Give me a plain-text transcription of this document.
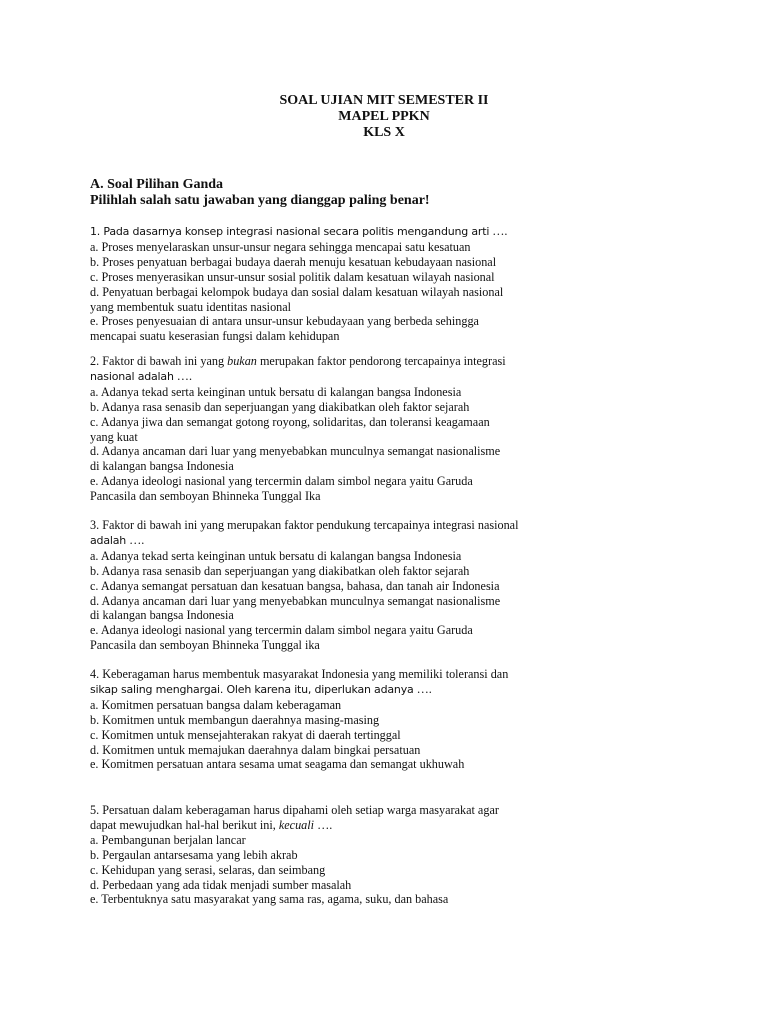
SOAL UJIAN MIT SEMESTER II
MAPEL PPKN
KLS X
A. Soal Pilihan Ganda
Pilihlah salah satu jawaban yang dianggap paling benar!

1. Pada dasarnya konsep integrasi nasional secara politis mengandung arti ….

a. Proses menyelaraskan unsur-unsur negara sehingga mencapai satu kesatuan

b. Proses penyatuan berbagai budaya daerah menuju kesatuan kebudayaan nasional

c. Proses menyerasikan unsur-unsur sosial politik dalam kesatuan wilayah nasional

d. Penyatuan berbagai kelompok budaya dan sosial dalam kesatuan wilayah nasional

yang membentuk suatu identitas nasional

e. Proses penyesuaian di antara unsur-unsur kebudayaan yang berbeda sehingga

mencapai suatu keserasian fungsi dalam kehidupan

2. Faktor di bawah ini yang bukan merupakan faktor pendorong tercapainya integrasi

nasional adalah ….

a. Adanya tekad serta keinginan untuk bersatu di kalangan bangsa Indonesia

b. Adanya rasa senasib dan seperjuangan yang diakibatkan oleh faktor sejarah

c. Adanya jiwa dan semangat gotong royong, solidaritas, dan toleransi keagamaan

yang kuat

d. Adanya ancaman dari luar yang menyebabkan munculnya semangat nasionalisme

di kalangan bangsa Indonesia

e. Adanya ideologi nasional yang tercermin dalam simbol negara yaitu Garuda

Pancasila dan semboyan Bhinneka Tunggal Ika

3. Faktor di bawah ini yang merupakan faktor pendukung tercapainya integrasi nasional

adalah ….

a. Adanya tekad serta keinginan untuk bersatu di kalangan bangsa Indonesia

b. Adanya rasa senasib dan seperjuangan yang diakibatkan oleh faktor sejarah

c. Adanya semangat persatuan dan kesatuan bangsa, bahasa, dan tanah air Indonesia

d. Adanya ancaman dari luar yang menyebabkan munculnya semangat nasionalisme

di kalangan bangsa Indonesia

e. Adanya ideologi nasional yang tercermin dalam simbol negara yaitu Garuda

Pancasila dan semboyan Bhinneka Tunggal ika

4. Keberagaman harus membentuk masyarakat Indonesia yang memiliki toleransi dan

sikap saling menghargai. Oleh karena itu, diperlukan adanya ….

a. Komitmen persatuan bangsa dalam keberagaman

b. Komitmen untuk membangun daerahnya masing-masing

c. Komitmen untuk mensejahterakan rakyat di daerah tertinggal

d. Komitmen untuk memajukan daerahnya dalam bingkai persatuan

e. Komitmen persatuan antara sesama umat seagama dan semangat ukhuwah

5. Persatuan dalam keberagaman harus dipahami oleh setiap warga masyarakat agar

dapat mewujudkan hal-hal berikut ini, kecuali ….

a. Pembangunan berjalan lancar

b. Pergaulan antarsesama yang lebih akrab

c. Kehidupan yang serasi, selaras, dan seimbang

d. Perbedaan yang ada tidak menjadi sumber masalah

e. Terbentuknya satu masyarakat yang sama ras, agama, suku, dan bahasa
